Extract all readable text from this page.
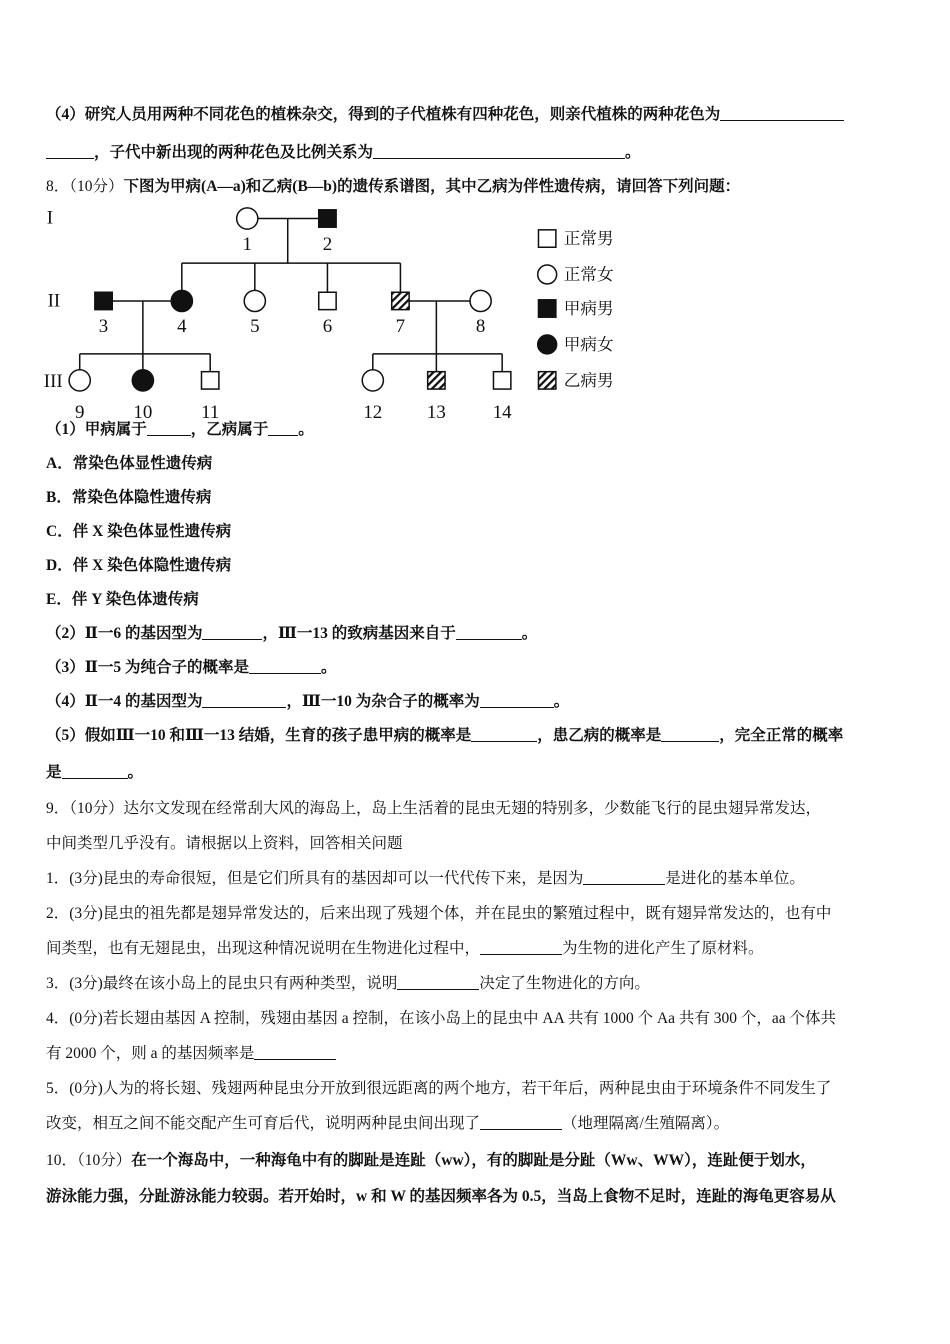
（4）研究人员用两种不同花色的植株杂交，得到的子代植株有四种花色，则亲代植株的两种花色为
，子代中新出现的两种花色及比例关系为	。
8．（10分）下图为甲病(A—a)和乙病(B—b)的遗传系谱图，其中乙病为伴性遗传病，请回答下列问题：
I
II
III
1 2
3 4 5 6 7 8
9 10 11	12 13 14
正常男
正常女
甲病男
甲病女
乙病男
（1）甲病属于	，乙病属于 。
A．常染色体显性遗传病
B．常染色体隐性遗传病
C．伴 X 染色体显性遗传病
D．伴 X 染色体隐性遗传病
E．伴 Y 染色体遗传病
（2）Ⅱ一6 的基因型为	，Ⅲ一13 的致病基因来自于	。
（3）Ⅱ一5 为纯合子的概率是	。
（4）Ⅱ一4 的基因型为	，Ⅲ一10 为杂合子的概率为	。
（5）假如Ⅲ一10 和Ⅲ一13 结婚，生育的孩子患甲病的概率是	，患乙病的概率是	，完全正常的概率
是	。
9．（10分）达尔文发现在经常刮大风的海岛上，岛上生活着的昆虫无翅的特别多，少数能飞行的昆虫翅异常发达，
中间类型几乎没有。请根据以上资料，回答相关问题
1．(3分)昆虫的寿命很短，但是它们所具有的基因却可以一代代传下来，是因为	是进化的基本单位。
2．(3分)昆虫的祖先都是翅异常发达的，后来出现了残翅个体，并在昆虫的繁殖过程中，既有翅异常发达的，也有中
间类型，也有无翅昆虫，出现这种情况说明在生物进化过程中，	为生物的进化产生了原材料。
3．(3分)最终在该小岛上的昆虫只有两种类型，说明	决定了生物进化的方向。
4．(0分)若长翅由基因 A 控制，残翅由基因 a 控制，在该小岛上的昆虫中 AA 共有 1000 个 Aa 共有 300 个，aa 个体共
有 2000 个，则 a 的基因频率是
5．(0分)人为的将长翅、残翅两种昆虫分开放到很远距离的两个地方，若干年后，两种昆虫由于环境条件不同发生了
改变，相互之间不能交配产生可育后代，说明两种昆虫间出现了	（地理隔离/生殖隔离）。
10．（10分）在一个海岛中，一种海龟中有的脚趾是连趾（ww），有的脚趾是分趾（Ww、WW），连趾便于划水，
游泳能力强，分趾游泳能力较弱。若开始时，w 和 W 的基因频率各为 0.5，当岛上食物不足时，连趾的海龟更容易从
